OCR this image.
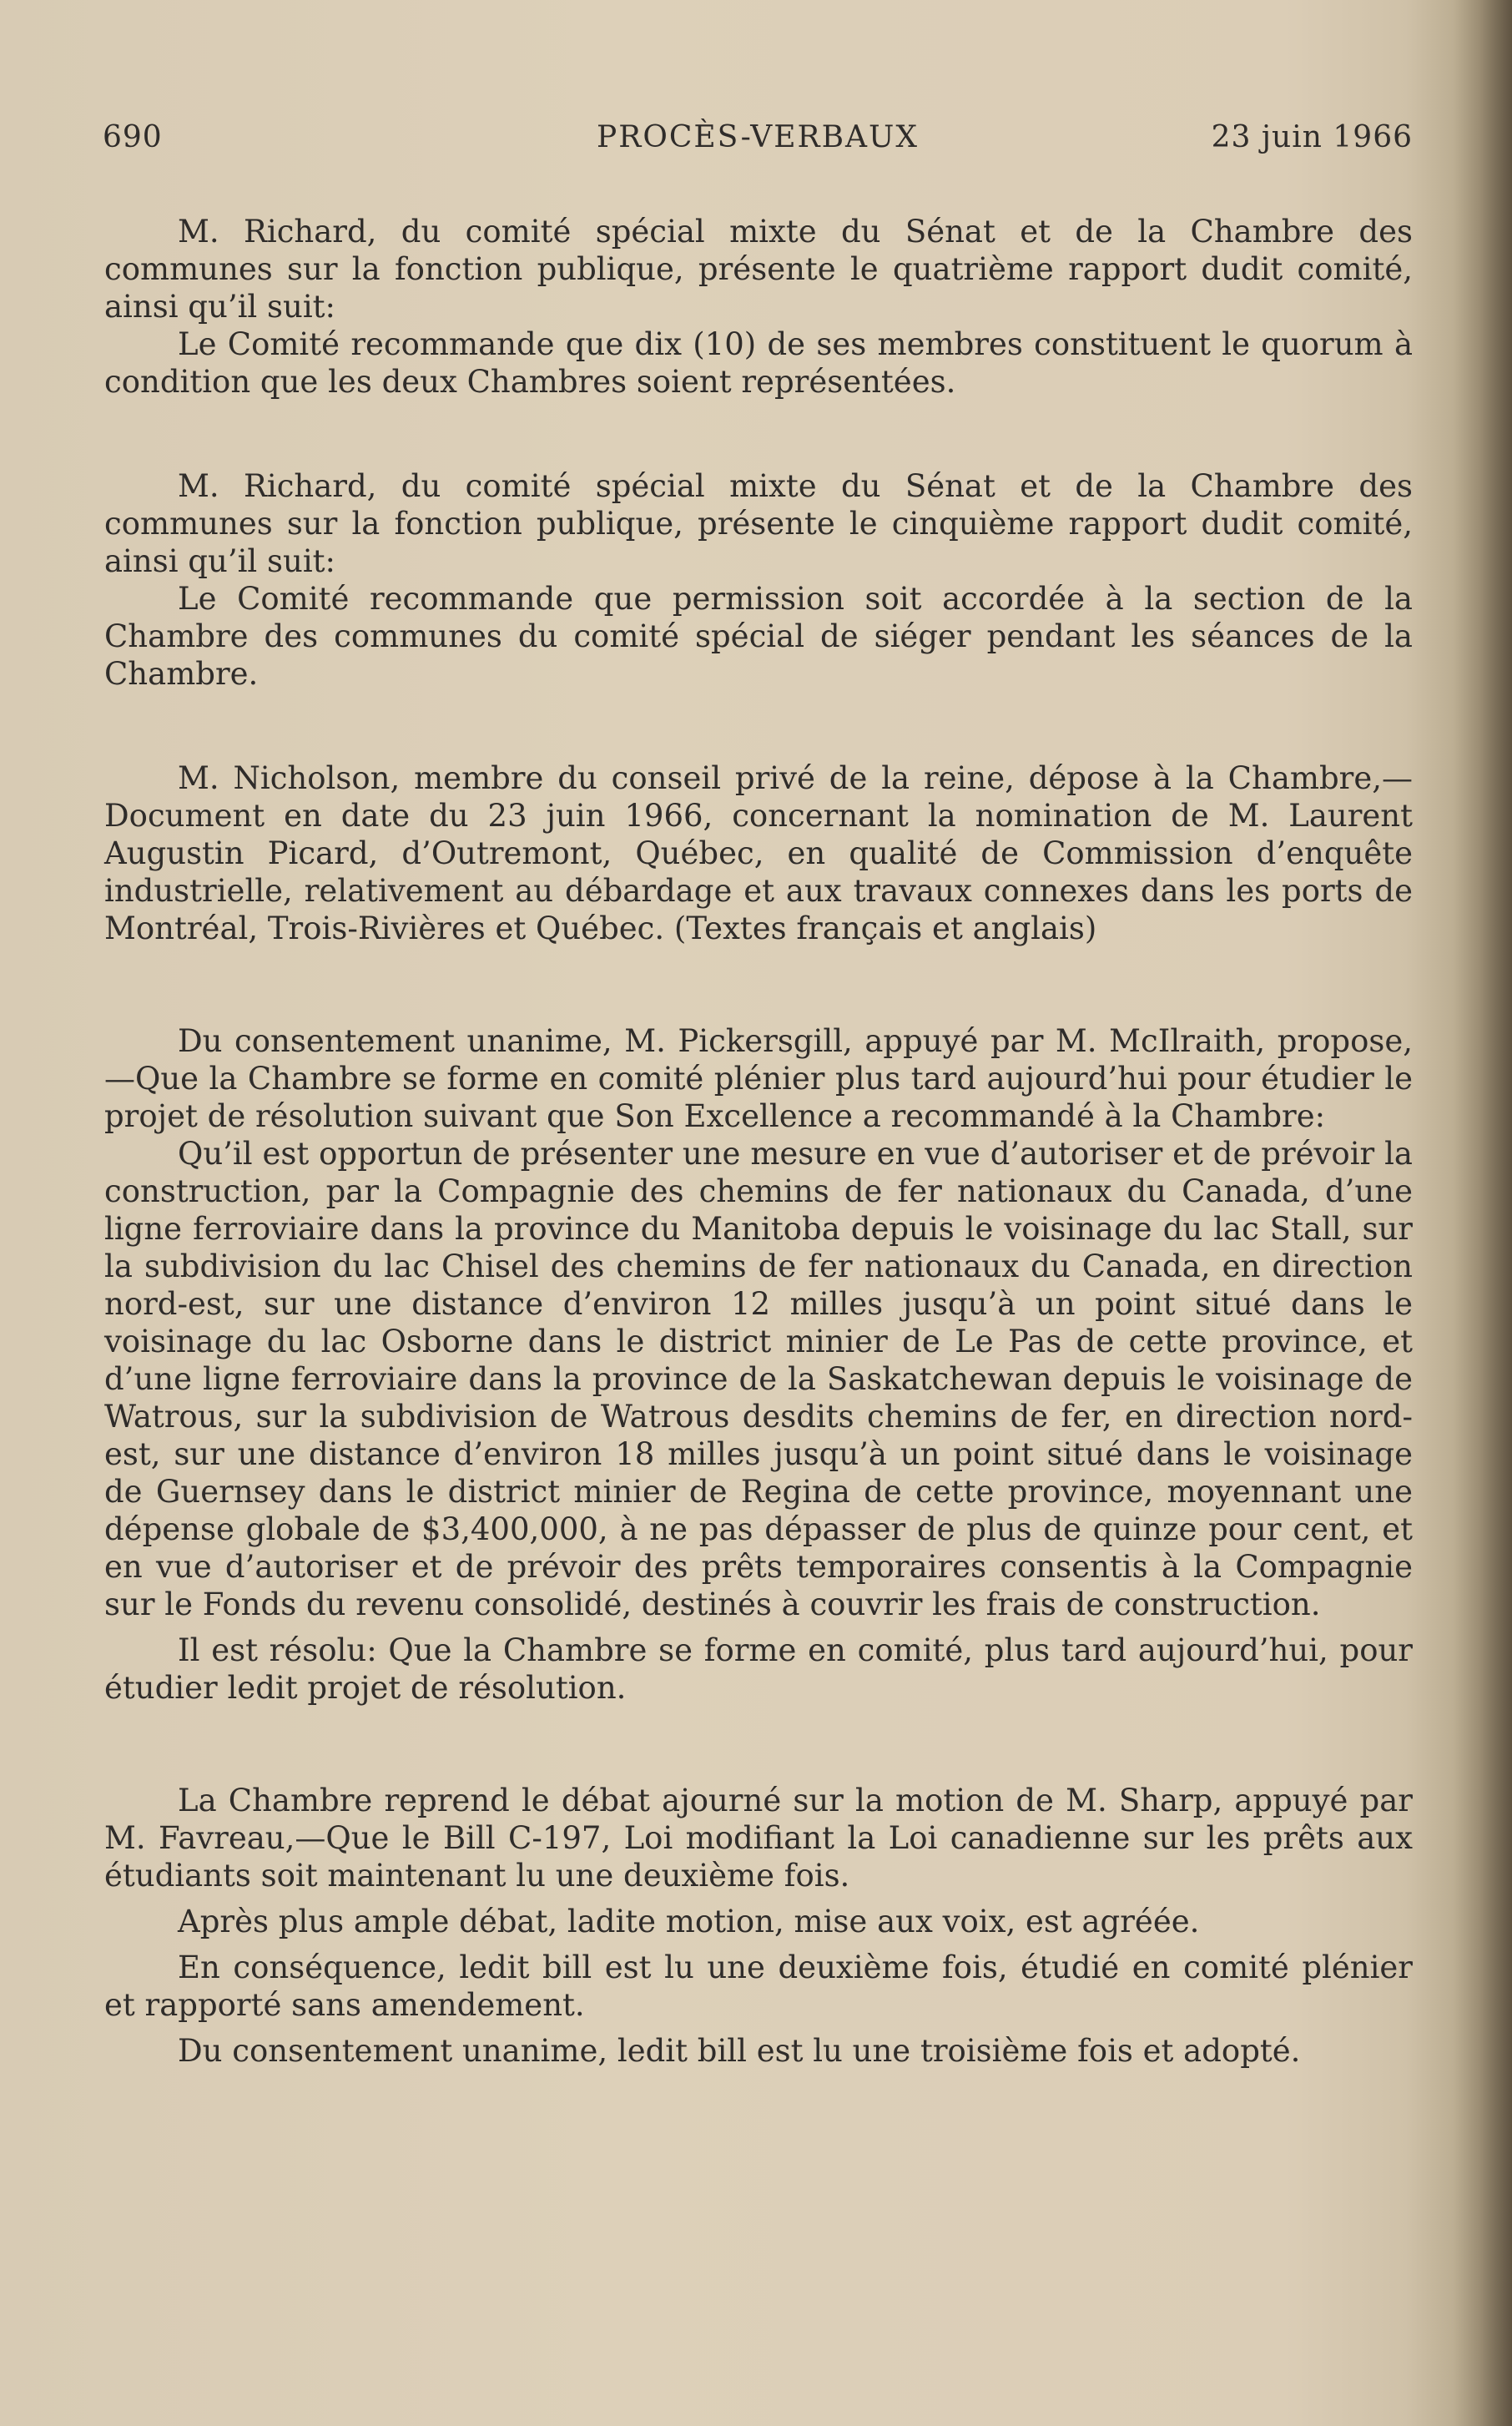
690	PROCÈS-VERBAUX	23 juin 1966

M. Richard, du comité spécial mixte du Sénat et de la Chambre des communes sur la fonction publique, présente le quatrième rapport dudit comité, ainsi qu’il suit:

Le Comité recommande que dix (10) de ses membres constituent le quorum à condition que les deux Chambres soient représentées.

M. Richard, du comité spécial mixte du Sénat et de la Chambre des communes sur la fonction publique, présente le cinquième rapport dudit comité, ainsi qu’il suit:

Le Comité recommande que permission soit accordée à la section de la Chambre des communes du comité spécial de siéger pendant les séances de la Chambre.

M. Nicholson, membre du conseil privé de la reine, dépose à la Chambre,— Document en date du 23 juin 1966, concernant la nomination de M. Laurent Augustin Picard, d’Outremont, Québec, en qualité de Commission d’enquête industrielle, relativement au débardage et aux travaux connexes dans les ports de Montréal, Trois-Rivières et Québec. (Textes français et anglais)

Du consentement unanime, M. Pickersgill, appuyé par M. McIlraith, propose,—Que la Chambre se forme en comité plénier plus tard aujourd’hui pour étudier le projet de résolution suivant que Son Excellence a recommandé à la Chambre:

Qu’il est opportun de présenter une mesure en vue d’autoriser et de prévoir la construction, par la Compagnie des chemins de fer nationaux du Canada, d’une ligne ferroviaire dans la province du Manitoba depuis le voisinage du lac Stall, sur la subdivision du lac Chisel des chemins de fer nationaux du Canada, en direction nord-est, sur une distance d’environ 12 milles jusqu’à un point situé dans le voisinage du lac Osborne dans le district minier de Le Pas de cette province, et d’une ligne ferroviaire dans la province de la Saskatchewan depuis le voisinage de Watrous, sur la subdivision de Watrous desdits chemins de fer, en direction nord-est, sur une distance d’environ 18 milles jusqu’à un point situé dans le voisinage de Guernsey dans le district minier de Regina de cette province, moyennant une dépense globale de $3,400,000, à ne pas dépasser de plus de quinze pour cent, et en vue d’autoriser et de prévoir des prêts temporaires consentis à la Compagnie sur le Fonds du revenu consolidé, destinés à couvrir les frais de construction.

Il est résolu: Que la Chambre se forme en comité, plus tard aujourd’hui, pour étudier ledit projet de résolution.

La Chambre reprend le débat ajourné sur la motion de M. Sharp, appuyé par M. Favreau,—Que le Bill C-197, Loi modifiant la Loi canadienne sur les prêts aux étudiants soit maintenant lu une deuxième fois.

Après plus ample débat, ladite motion, mise aux voix, est agréée.

En conséquence, ledit bill est lu une deuxième fois, étudié en comité plénier et rapporté sans amendement.

Du consentement unanime, ledit bill est lu une troisième fois et adopté.
